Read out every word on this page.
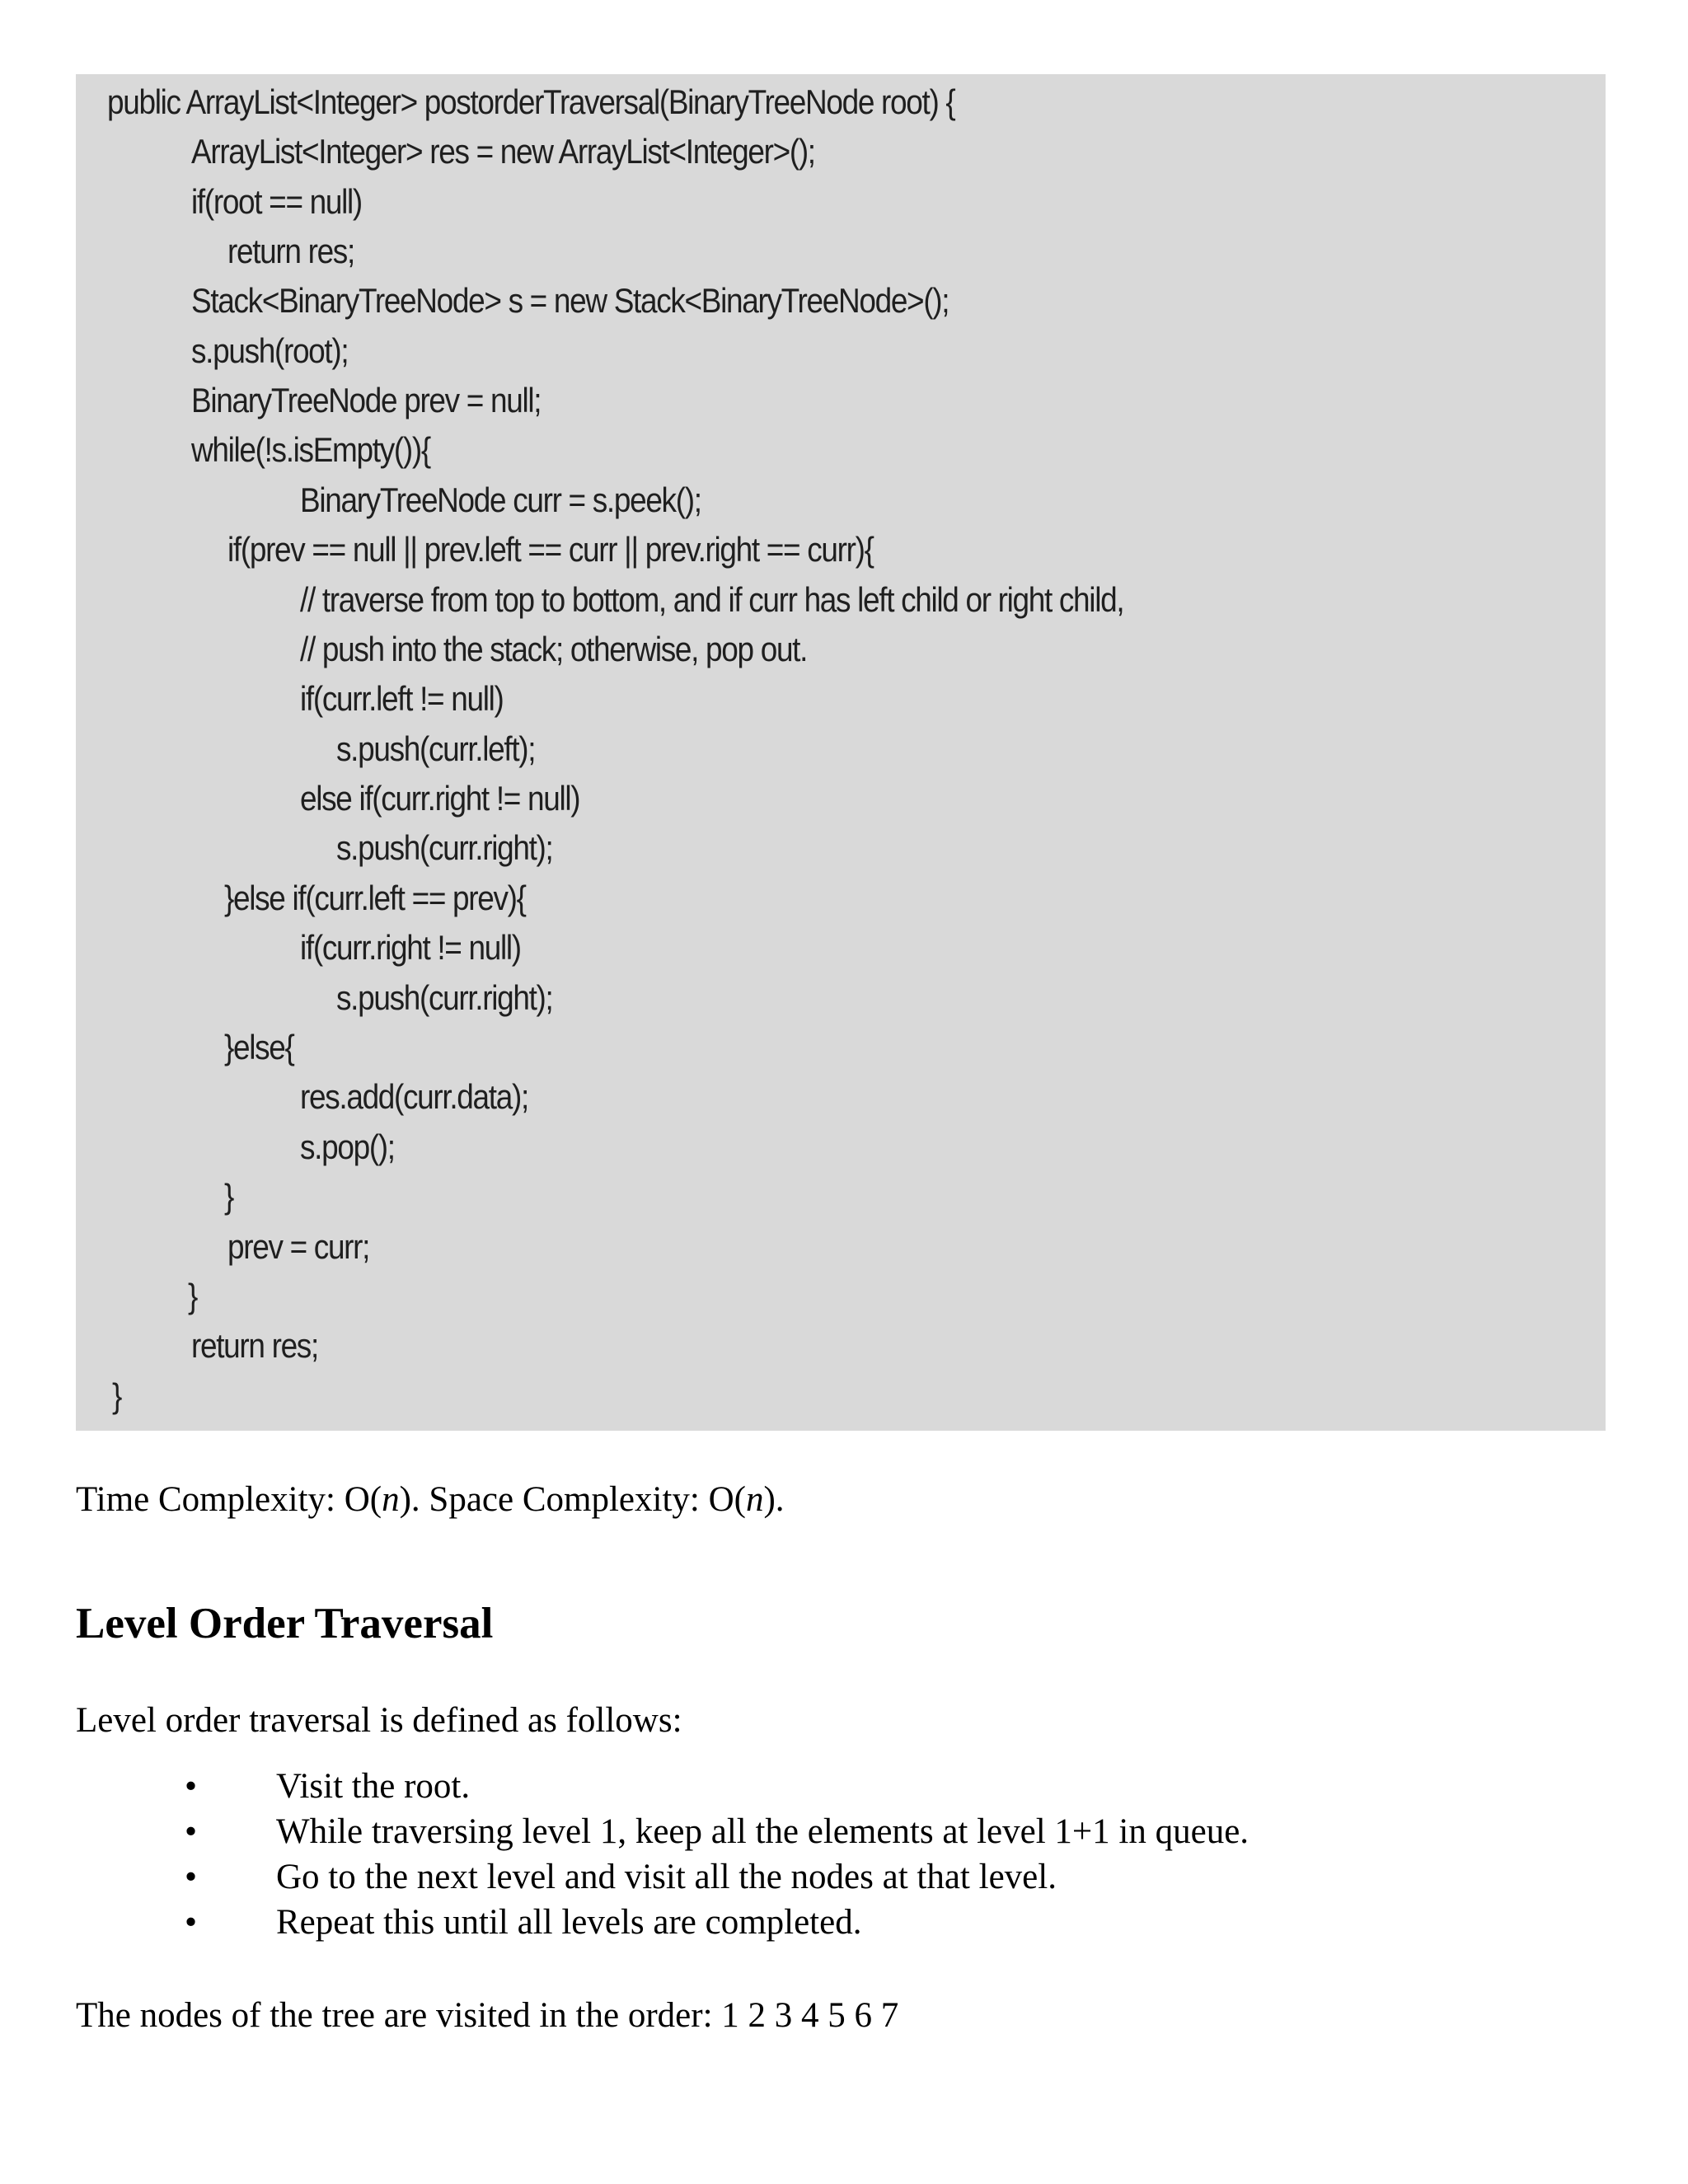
public ArrayList<Integer> postorderTraversal(BinaryTreeNode root) {
ArrayList<Integer> res = new ArrayList<Integer>();
if(root == null)
return res;
Stack<BinaryTreeNode> s = new Stack<BinaryTreeNode>();
s.push(root);
BinaryTreeNode prev = null;
while(!s.isEmpty()){
BinaryTreeNode curr = s.peek();
if(prev == null || prev.left == curr || prev.right == curr){
// traverse from top to bottom, and if curr has left child or right child,
// push into the stack; otherwise, pop out.
if(curr.left != null)
s.push(curr.left);
else if(curr.right != null)
s.push(curr.right);
}else if(curr.left == prev){
if(curr.right != null)
s.push(curr.right);
}else{
res.add(curr.data);
s.pop();
}
prev = curr;
}
return res;
}
Time Complexity: O(n). Space Complexity: O(n).
Level Order Traversal
Level order traversal is defined as follows:
• Visit the root.
• While traversing level 1, keep all the elements at level 1+1 in queue.
• Go to the next level and visit all the nodes at that level.
• Repeat this until all levels are completed.
The nodes of the tree are visited in the order: 1 2 3 4 5 6 7
